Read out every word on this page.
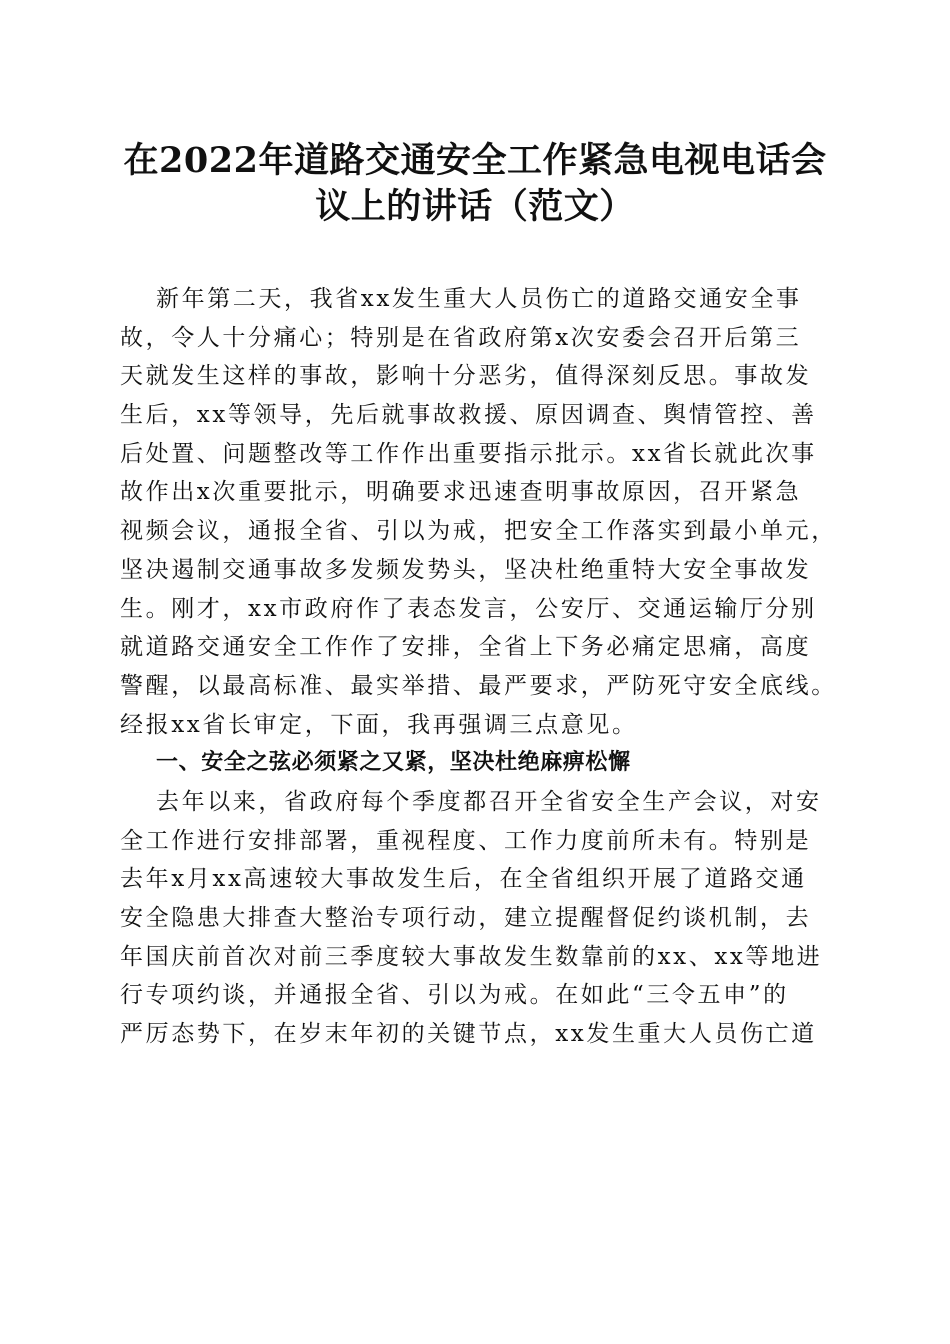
在2022年道路交通安全工作紧急电视电话会
议上的讲话（范文）
新年第二天，我省xx发生重大人员伤亡的道路交通安全事
故，令人十分痛心；特别是在省政府第x次安委会召开后第三
天就发生这样的事故，影响十分恶劣，值得深刻反思。事故发
生后，xx等领导，先后就事故救援、原因调查、舆情管控、善
后处置、问题整改等工作作出重要指示批示。xx省长就此次事
故作出x次重要批示，明确要求迅速查明事故原因，召开紧急
视频会议，通报全省、引以为戒，把安全工作落实到最小单元，
坚决遏制交通事故多发频发势头，坚决杜绝重特大安全事故发
生。刚才，xx市政府作了表态发言，公安厅、交通运输厅分别
就道路交通安全工作作了安排，全省上下务必痛定思痛，高度
警醒，以最高标准、最实举措、最严要求，严防死守安全底线。
经报xx省长审定，下面，我再强调三点意见。
一、安全之弦必须紧之又紧，坚决杜绝麻痹松懈
去年以来，省政府每个季度都召开全省安全生产会议，对安
全工作进行安排部署，重视程度、工作力度前所未有。特别是
去年x月xx高速较大事故发生后，在全省组织开展了道路交通
安全隐患大排查大整治专项行动，建立提醒督促约谈机制，去
年国庆前首次对前三季度较大事故发生数靠前的xx、xx等地进
行专项约谈，并通报全省、引以为戒。在如此“三令五申”的
严厉态势下，在岁末年初的关键节点，xx发生重大人员伤亡道
